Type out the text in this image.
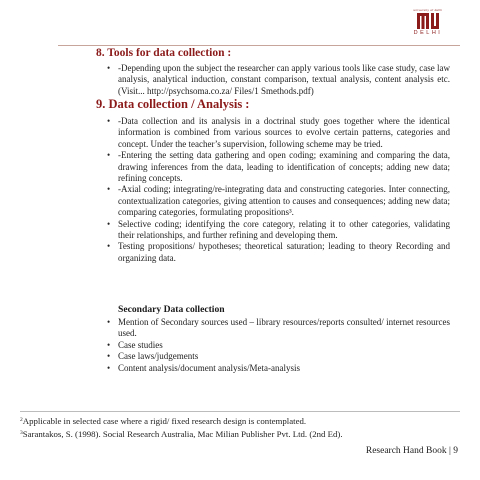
university of delhi
DELHI
8. Tools for data collection :
• -Depending upon the subject the researcher can apply various tools like case study, case law analysis, analytical induction, constant comparison, textual analysis, content analysis etc. (Visit... http://psychsoma.co.za/ Files/1 Smethods.pdf)
9. Data collection / Analysis :
• -Data collection and its analysis in a doctrinal study goes together where the identical information is combined from various sources to evolve certain patterns, categories and concept. Under the teacher’s supervision, following scheme may be tried.
• -Entering the setting data gathering and open coding; examining and comparing the data, drawing inferences from the data, leading to identification of concepts; adding new data; refining concepts.
• -Axial coding; integrating/re-integrating data and constructing categories. Inter connecting, contextualization categories, giving attention to causes and consequences; adding new data; comparing categories, formulating propositions³.
• Selective coding; identifying the core category, relating it to other categories, validating their relationships, and further refining and developing them.
• Testing propositions/ hypotheses; theoretical saturation; leading to theory Recording and organizing data.
Secondary Data collection
• Mention of Secondary sources used – library resources/reports consulted/ internet resources used.
• Case studies
• Case laws/judgements
• Content analysis/document analysis/Meta-analysis
$^2$Applicable in selected case where a rigid/ fixed research design is contemplated.
$^3$Sarantakos, S. (1998). Social Research Australia, Mac Milian Publisher Pvt. Ltd. (2nd Ed).
Research Hand Book | 9
